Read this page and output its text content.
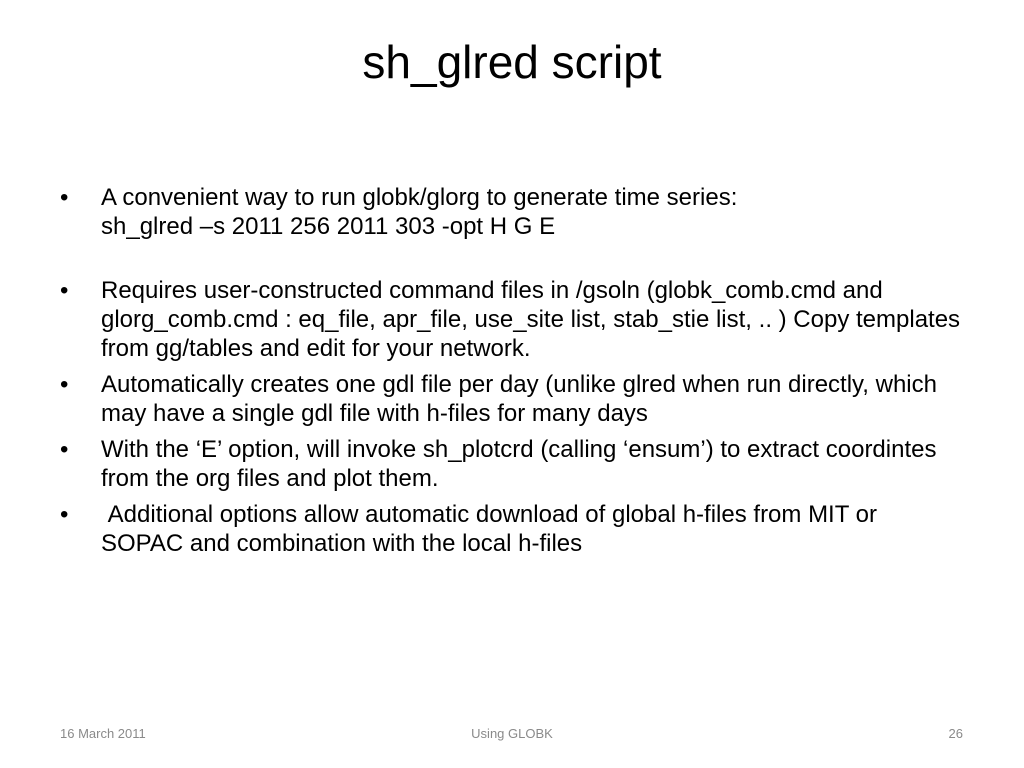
sh_glred script
•	A convenient way to run globk/glorg to generate time series:
sh_glred –s 2011 256 2011 303 -opt H G E
•	Requires user-constructed command files in /gsoln (globk_comb.cmd and glorg_comb.cmd : eq_file, apr_file, use_site list, stab_stie list, .. ) Copy templates from gg/tables and edit for your network.
•	Automatically creates one gdl file per day (unlike glred when run directly, which may have a single gdl file with h-files for many days
•	With the ‘E’ option, will invoke sh_plotcrd (calling ‘ensum’) to extract coordintes from the org files and plot them.
•	Additional options allow automatic download of global h-files from MIT or SOPAC and combination with the local h-files
16 March 2011	Using GLOBK	26
